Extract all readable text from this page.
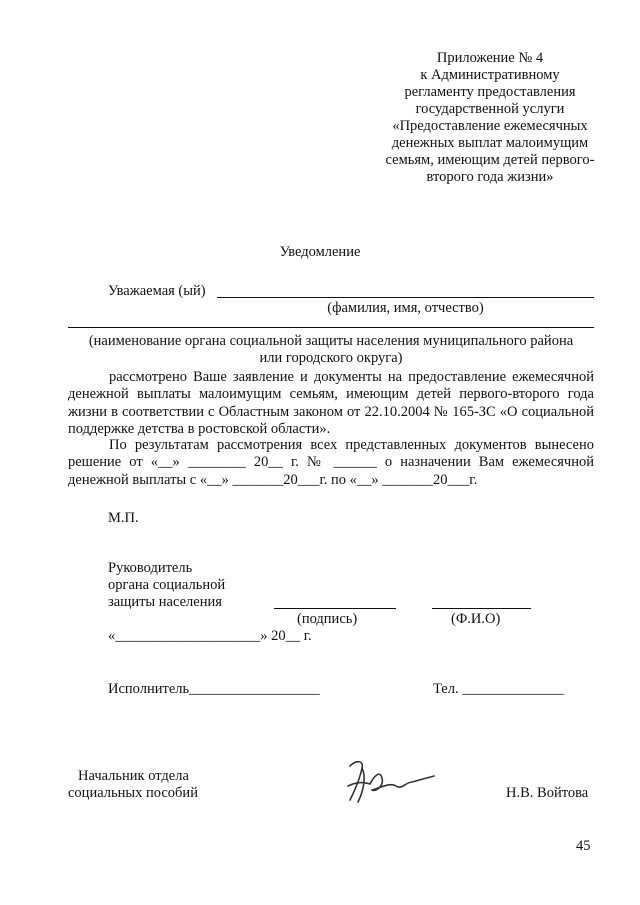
Приложение № 4
к Административному
регламенту предоставления
государственной услуги
«Предоставление ежемесячных
денежных выплат малоимущим
семьям, имеющим детей первого-
второго года жизни»
Уведомление
Уважаемая (ый)
(фамилия, имя, отчество)
(наименование органа социальной защиты населения муниципального района
или городского округа)

рассмотрено Ваше заявление и документы на предоставление ежемесячной денежной выплаты малоимущим семьям, имеющим детей первого-второго года жизни в соответствии с Областным законом от 22.10.2004 № 165-ЗС «О социальной поддержке детства в ростовской области».

По результатам рассмотрения всех представленных документов вынесено решение от «__» ________ 20__ г. № ______ о назначении Вам ежемесячной денежной выплаты с «__» _______20___г. по «__» _______20___г.

М.П.
Руководитель
органа социальной
защиты населения
(подпись)	(Ф.И.О)
«____________________» 20__ г.
Исполнитель__________________	Тел. ______________
Начальник отдела
социальных пособий	Н.В. Войтова
45
